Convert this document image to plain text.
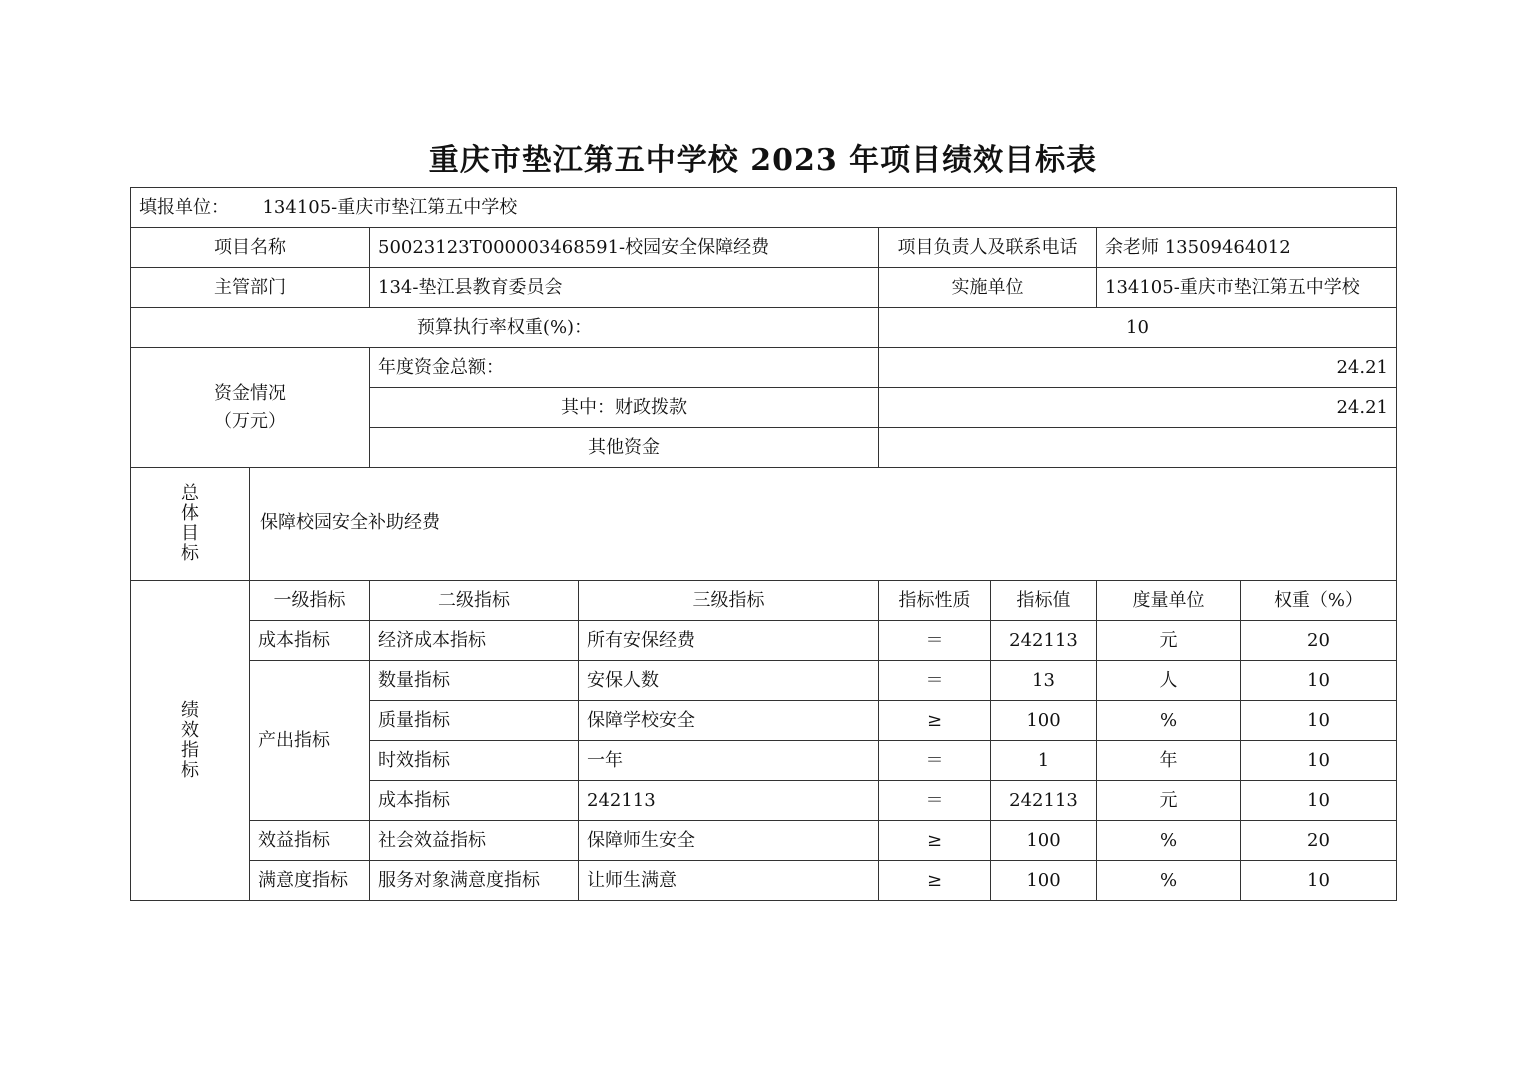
重庆市垫江第五中学校 2023 年项目绩效目标表
填报单位： 134105-重庆市垫江第五中学校							
项目名称		50023123T000003468591-校园安全保障经费		项目负责人及联系电话		余老师 13509464012	
主管部门		134-垫江县教育委员会		实施单位		134105-重庆市垫江第五中学校	
预算执行率权重(%)：				10			
资金情况
（万元）		年度资金总额：		24.21			
		其中：财政拨款		24.21			
		其他资金					

总
体
目
标	保障校园安全补助经费						

绩
效
指
标	一级指标	二级指标	三级指标	指标性质	指标值	度量单位	权重（%）
	成本指标	经济成本指标	所有安保经费	＝	242113	元	20
	产出指标	数量指标	安保人数	＝	13	人	10
		质量指标	保障学校安全	≥	100	%	10
		时效指标	一年	＝	1	年	10
		成本指标	242113	＝	242113	元	10
	效益指标	社会效益指标	保障师生安全	≥	100	%	20
	满意度指标	服务对象满意度指标	让师生满意	≥	100	%	10
